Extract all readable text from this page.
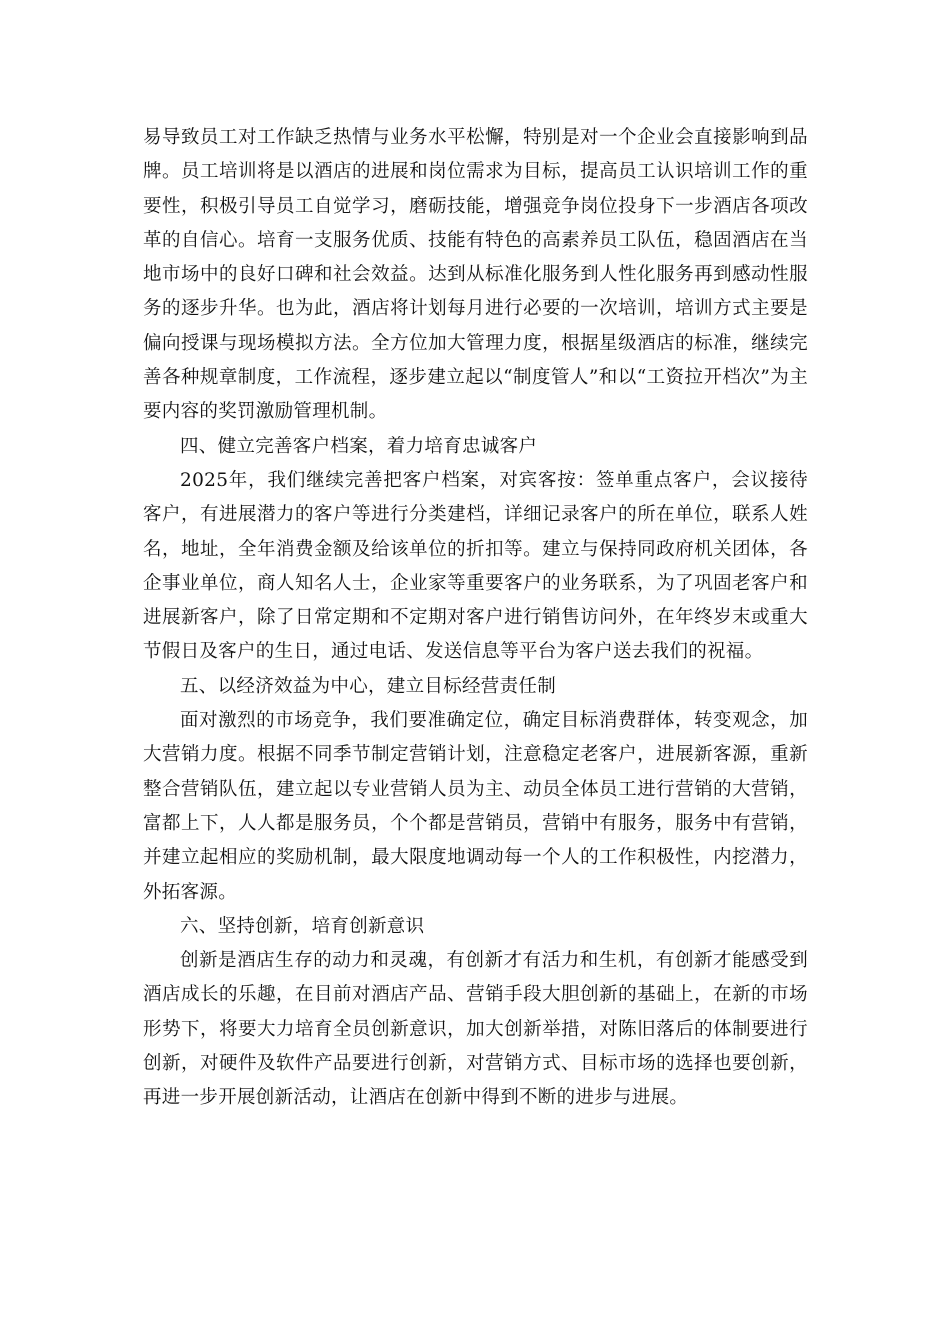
易导致员工对工作缺乏热情与业务水平松懈，特别是对一个企业会直接影响到品牌。员工培训将是以酒店的进展和岗位需求为目标，提高员工认识培训工作的重要性，积极引导员工自觉学习，磨砺技能，增强竞争岗位投身下一步酒店各项改革的自信心。培育一支服务优质、技能有特色的高素养员工队伍，稳固酒店在当地市场中的良好口碑和社会效益。达到从标准化服务到人性化服务再到感动性服务的逐步升华。也为此，酒店将计划每月进行必要的一次培训，培训方式主要是偏向授课与现场模拟方法。全方位加大管理力度，根据星级酒店的标准，继续完善各种规章制度，工作流程，逐步建立起以“制度管人”和以“工资拉开档次”为主要内容的奖罚激励管理机制。

四、健立完善客户档案，着力培育忠诚客户

2025年，我们继续完善把客户档案，对宾客按：签单重点客户，会议接待客户，有进展潜力的客户等进行分类建档，详细记录客户的所在单位，联系人姓名，地址，全年消费金额及给该单位的折扣等。建立与保持同政府机关团体，各企事业单位，商人知名人士，企业家等重要客户的业务联系，为了巩固老客户和进展新客户，除了日常定期和不定期对客户进行销售访问外，在年终岁末或重大节假日及客户的生日，通过电话、发送信息等平台为客户送去我们的祝福。

五、以经济效益为中心，建立目标经营责任制

面对激烈的市场竞争，我们要准确定位，确定目标消费群体，转变观念，加大营销力度。根据不同季节制定营销计划，注意稳定老客户，进展新客源，重新整合营销队伍，建立起以专业营销人员为主、动员全体员工进行营销的大营销，富都上下，人人都是服务员，个个都是营销员，营销中有服务，服务中有营销，并建立起相应的奖励机制，最大限度地调动每一个人的工作积极性，内挖潜力，外拓客源。

六、坚持创新，培育创新意识

创新是酒店生存的动力和灵魂，有创新才有活力和生机，有创新才能感受到酒店成长的乐趣，在目前对酒店产品、营销手段大胆创新的基础上，在新的市场形势下，将要大力培育全员创新意识，加大创新举措，对陈旧落后的体制要进行创新，对硬件及软件产品要进行创新，对营销方式、目标市场的选择也要创新，再进一步开展创新活动，让酒店在创新中得到不断的进步与进展。
